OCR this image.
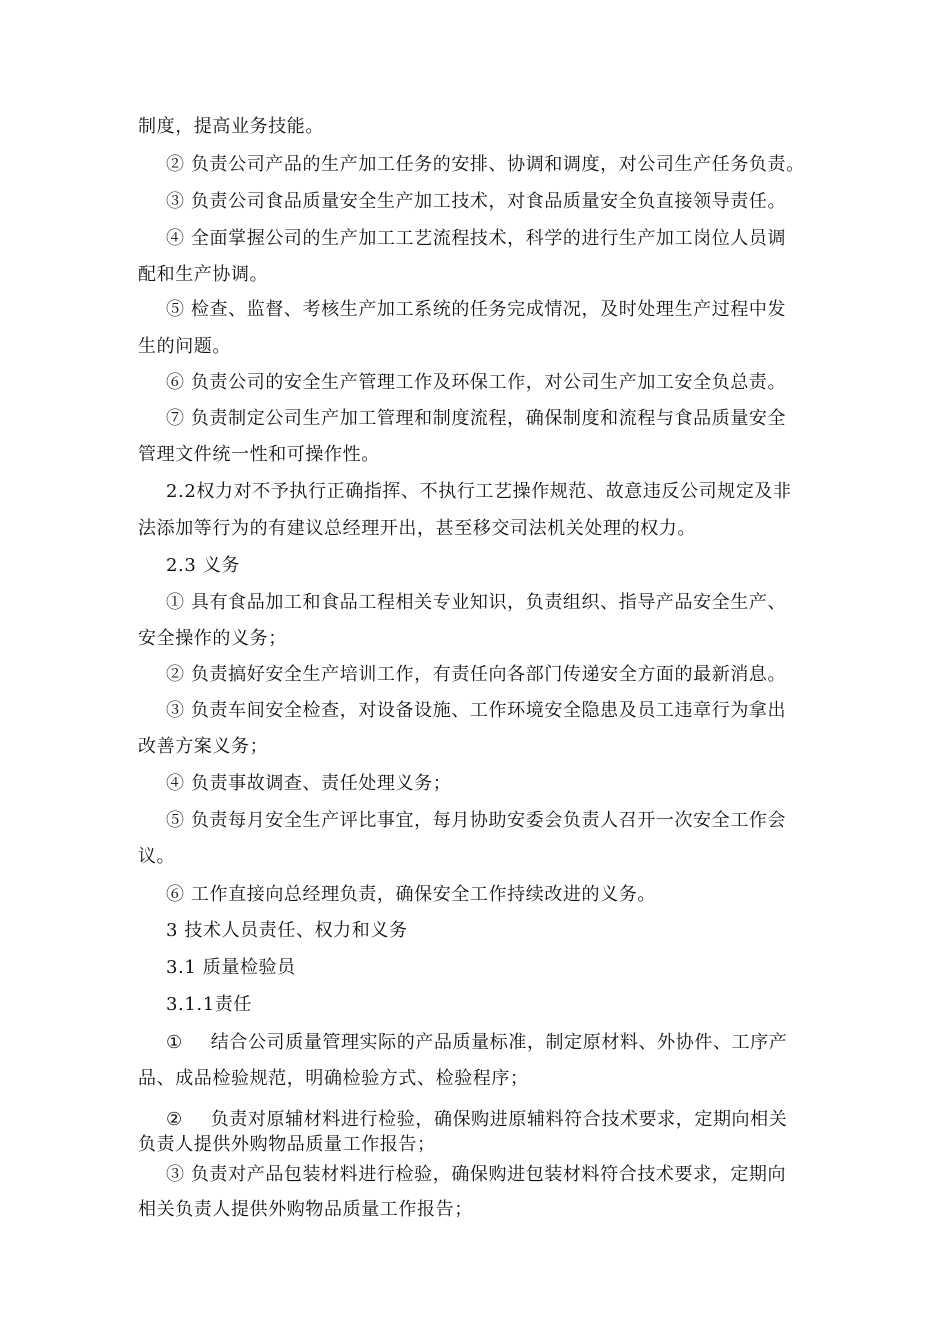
制度，提高业务技能。
② 负责公司产品的生产加工任务的安排、协调和调度，对公司生产任务负责。
③ 负责公司食品质量安全生产加工技术，对食品质量安全负直接领导责任。
④ 全面掌握公司的生产加工工艺流程技术，科学的进行生产加工岗位人员调
配和生产协调。
⑤ 检查、监督、考核生产加工系统的任务完成情况，及时处理生产过程中发
生的问题。
⑥ 负责公司的安全生产管理工作及环保工作，对公司生产加工安全负总责。
⑦ 负责制定公司生产加工管理和制度流程，确保制度和流程与食品质量安全
管理文件统一性和可操作性。
2.2权力对不予执行正确指挥、不执行工艺操作规范、故意违反公司规定及非
法添加等行为的有建议总经理开出，甚至移交司法机关处理的权力。
2.3 义务
① 具有食品加工和食品工程相关专业知识，负责组织、指导产品安全生产、
安全操作的义务；
② 负责搞好安全生产培训工作，有责任向各部门传递安全方面的最新消息。
③ 负责车间安全检查，对设备设施、工作环境安全隐患及员工违章行为拿出
改善方案义务；
④ 负责事故调查、责任处理义务；
⑤ 负责每月安全生产评比事宜，每月协助安委会负责人召开一次安全工作会
议。
⑥ 工作直接向总经理负责，确保安全工作持续改进的义务。
3 技术人员责任、权力和义务
3.1 质量检验员
3.1.1责任
① 结合公司质量管理实际的产品质量标准，制定原材料、外协件、工序产
品、成品检验规范，明确检验方式、检验程序；
② 负责对原辅材料进行检验，确保购进原辅料符合技术要求，定期向相关
负责人提供外购物品质量工作报告；
③ 负责对产品包装材料进行检验，确保购进包装材料符合技术要求，定期向
相关负责人提供外购物品质量工作报告；
